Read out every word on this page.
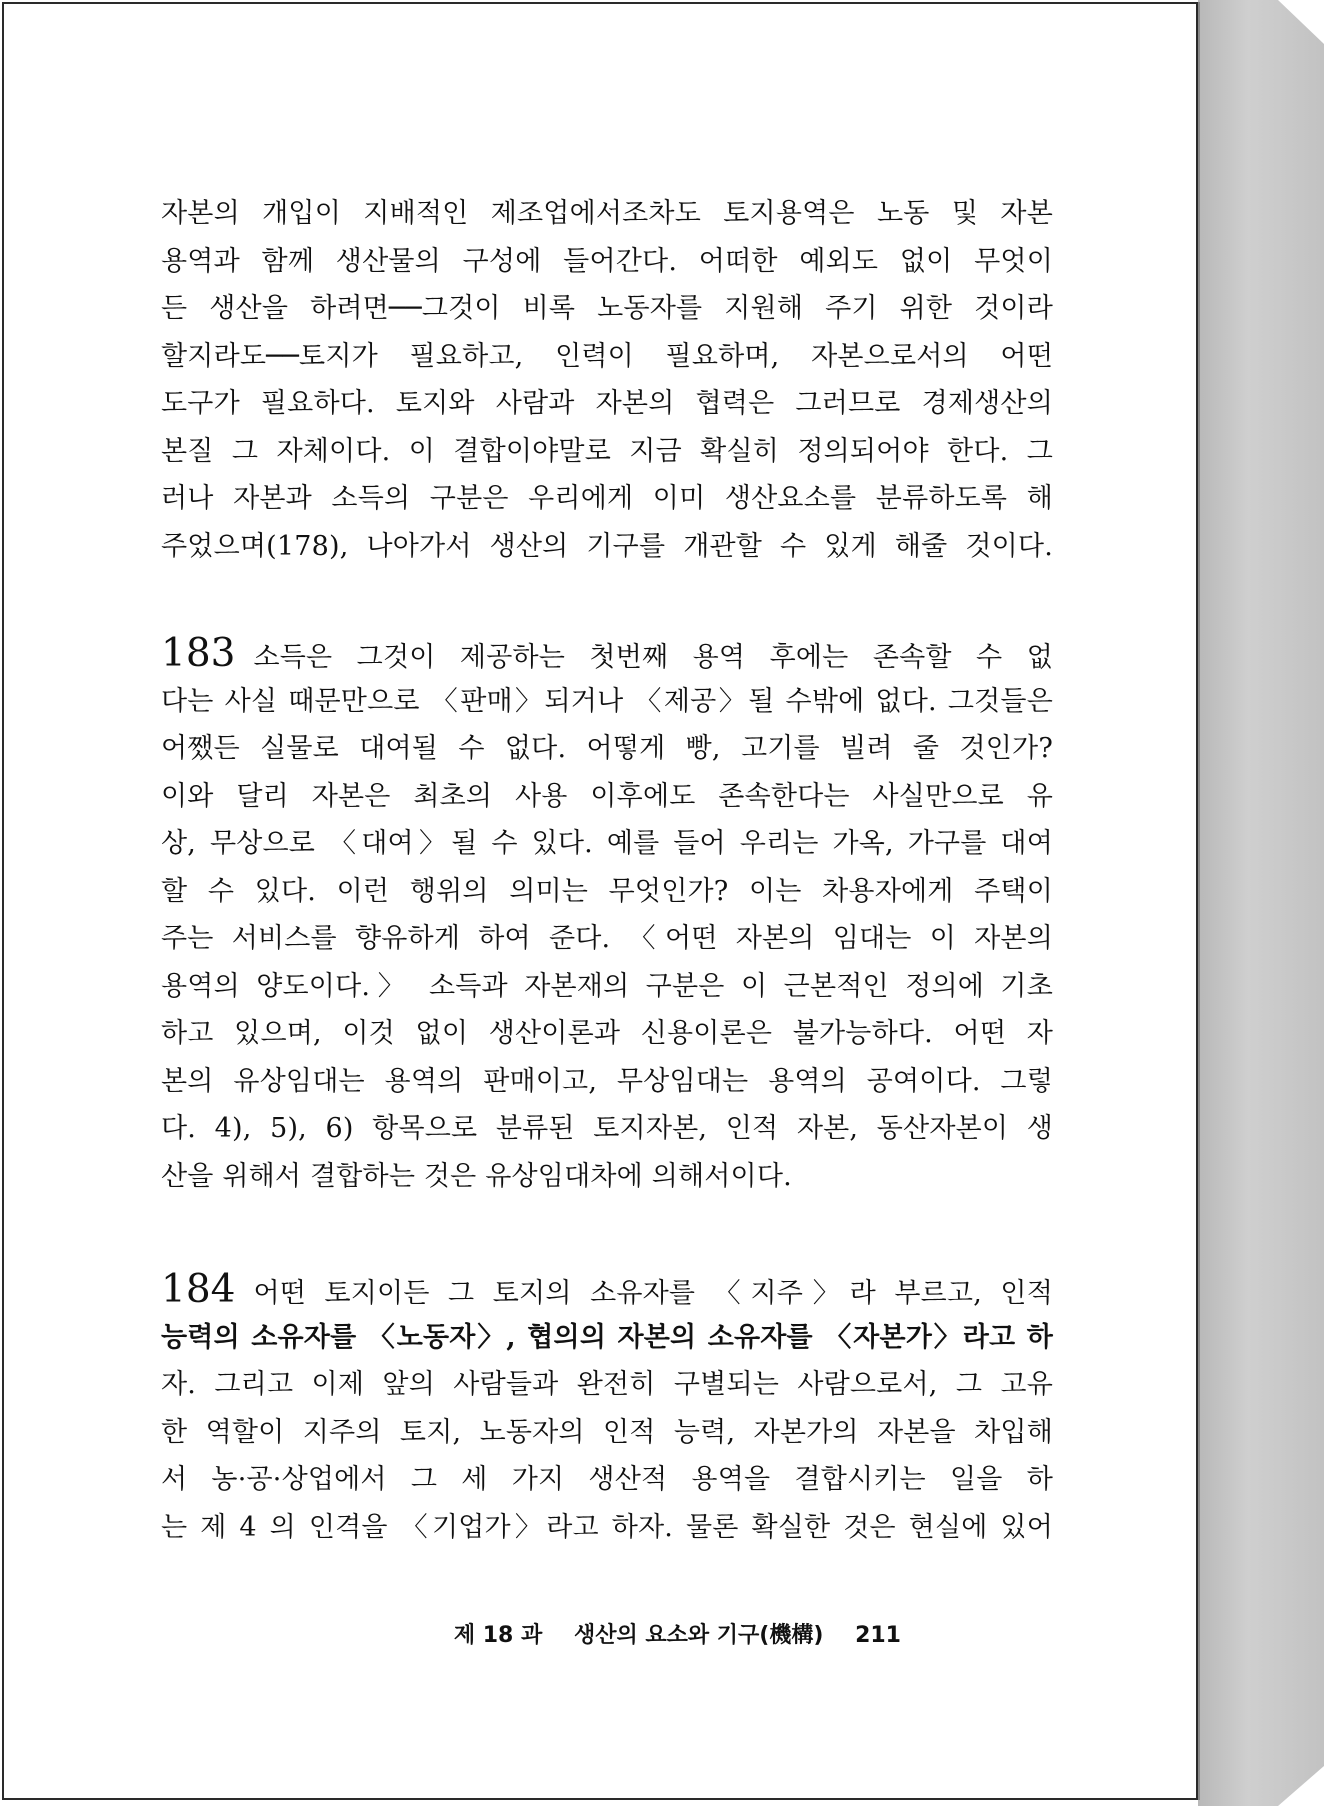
자본의 개입이 지배적인 제조업에서조차도 토지용역은 노동 및 자본
용역과 함께 생산물의 구성에 들어간다. 어떠한 예외도 없이 무엇이
든 생산을 하려면──그것이 비록 노동자를 지원해 주기 위한 것이라
할지라도──토지가 필요하고, 인력이 필요하며, 자본으로서의 어떤
도구가 필요하다. 토지와 사람과 자본의 협력은 그러므로 경제생산의
본질 그 자체이다. 이 결합이야말로 지금 확실히 정의되어야 한다. 그
러나 자본과 소득의 구분은 우리에게 이미 생산요소를 분류하도록 해
주었으며(178), 나아가서 생산의 기구를 개관할 수 있게 해줄 것이다.
183 소득은 그것이 제공하는 첫번째 용역 후에는 존속할 수 없
다는 사실 때문만으로 〈판매〉되거나 〈제공〉될 수밖에 없다. 그것들은
어쨌든 실물로 대여될 수 없다. 어떻게 빵, 고기를 빌려 줄 것인가?
이와 달리 자본은 최초의 사용 이후에도 존속한다는 사실만으로 유
상, 무상으로 〈대여〉될 수 있다. 예를 들어 우리는 가옥, 가구를 대여
할 수 있다. 이런 행위의 의미는 무엇인가? 이는 차용자에게 주택이
주는 서비스를 향유하게 하여 준다. 〈어떤 자본의 임대는 이 자본의
용역의 양도이다.〉 소득과 자본재의 구분은 이 근본적인 정의에 기초
하고 있으며, 이것 없이 생산이론과 신용이론은 불가능하다. 어떤 자
본의 유상임대는 용역의 판매이고, 무상임대는 용역의 공여이다. 그렇
다. 4), 5), 6) 항목으로 분류된 토지자본, 인적 자본, 동산자본이 생
산을 위해서 결합하는 것은 유상임대차에 의해서이다.
184 어떤 토지이든 그 토지의 소유자를 〈지주〉라 부르고, 인적
능력의 소유자를 〈노동자〉, 협의의 자본의 소유자를 〈자본가〉라고 하
자. 그리고 이제 앞의 사람들과 완전히 구별되는 사람으로서, 그 고유
한 역할이 지주의 토지, 노동자의 인적 능력, 자본가의 자본을 차입해
서 농·공·상업에서 그 세 가지 생산적 용역을 결합시키는 일을 하
는 제 4 의 인격을 〈기업가〉라고 하자. 물론 확실한 것은 현실에 있어
제 18 과 생산의 요소와 기구(機構) 211
